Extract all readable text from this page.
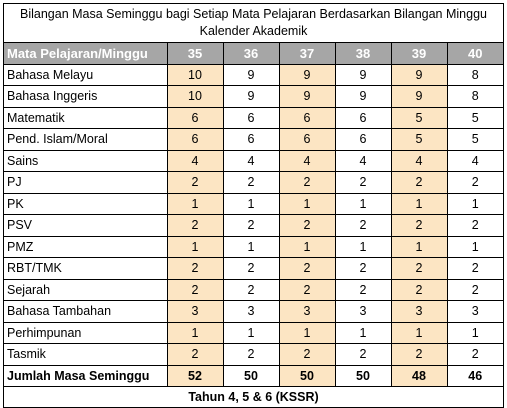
Bilangan Masa Seminggu bagi Setiap Mata Pelajaran Berdasarkan Bilangan Minggu
Kalender Akademik
Mata Pelajaran/Minggu	35	36	37	38	39	40
Bahasa Melayu	10	9	9	9	9	8
Bahasa Inggeris	10	9	9	9	9	8
Matematik	6	6	6	6	5	5
Pend. Islam/Moral	6	6	6	6	5	5
Sains	4	4	4	4	4	4
PJ	2	2	2	2	2	2
PK	1	1	1	1	1	1
PSV	2	2	2	2	2	2
PMZ	1	1	1	1	1	1
RBT/TMK	2	2	2	2	2	2
Sejarah	2	2	2	2	2	2
Bahasa Tambahan	3	3	3	3	3	3
Perhimpunan	1	1	1	1	1	1
Tasmik	2	2	2	2	2	2
Jumlah Masa Seminggu	52	50	50	50	48	46
Tahun 4, 5 & 6 (KSSR)
